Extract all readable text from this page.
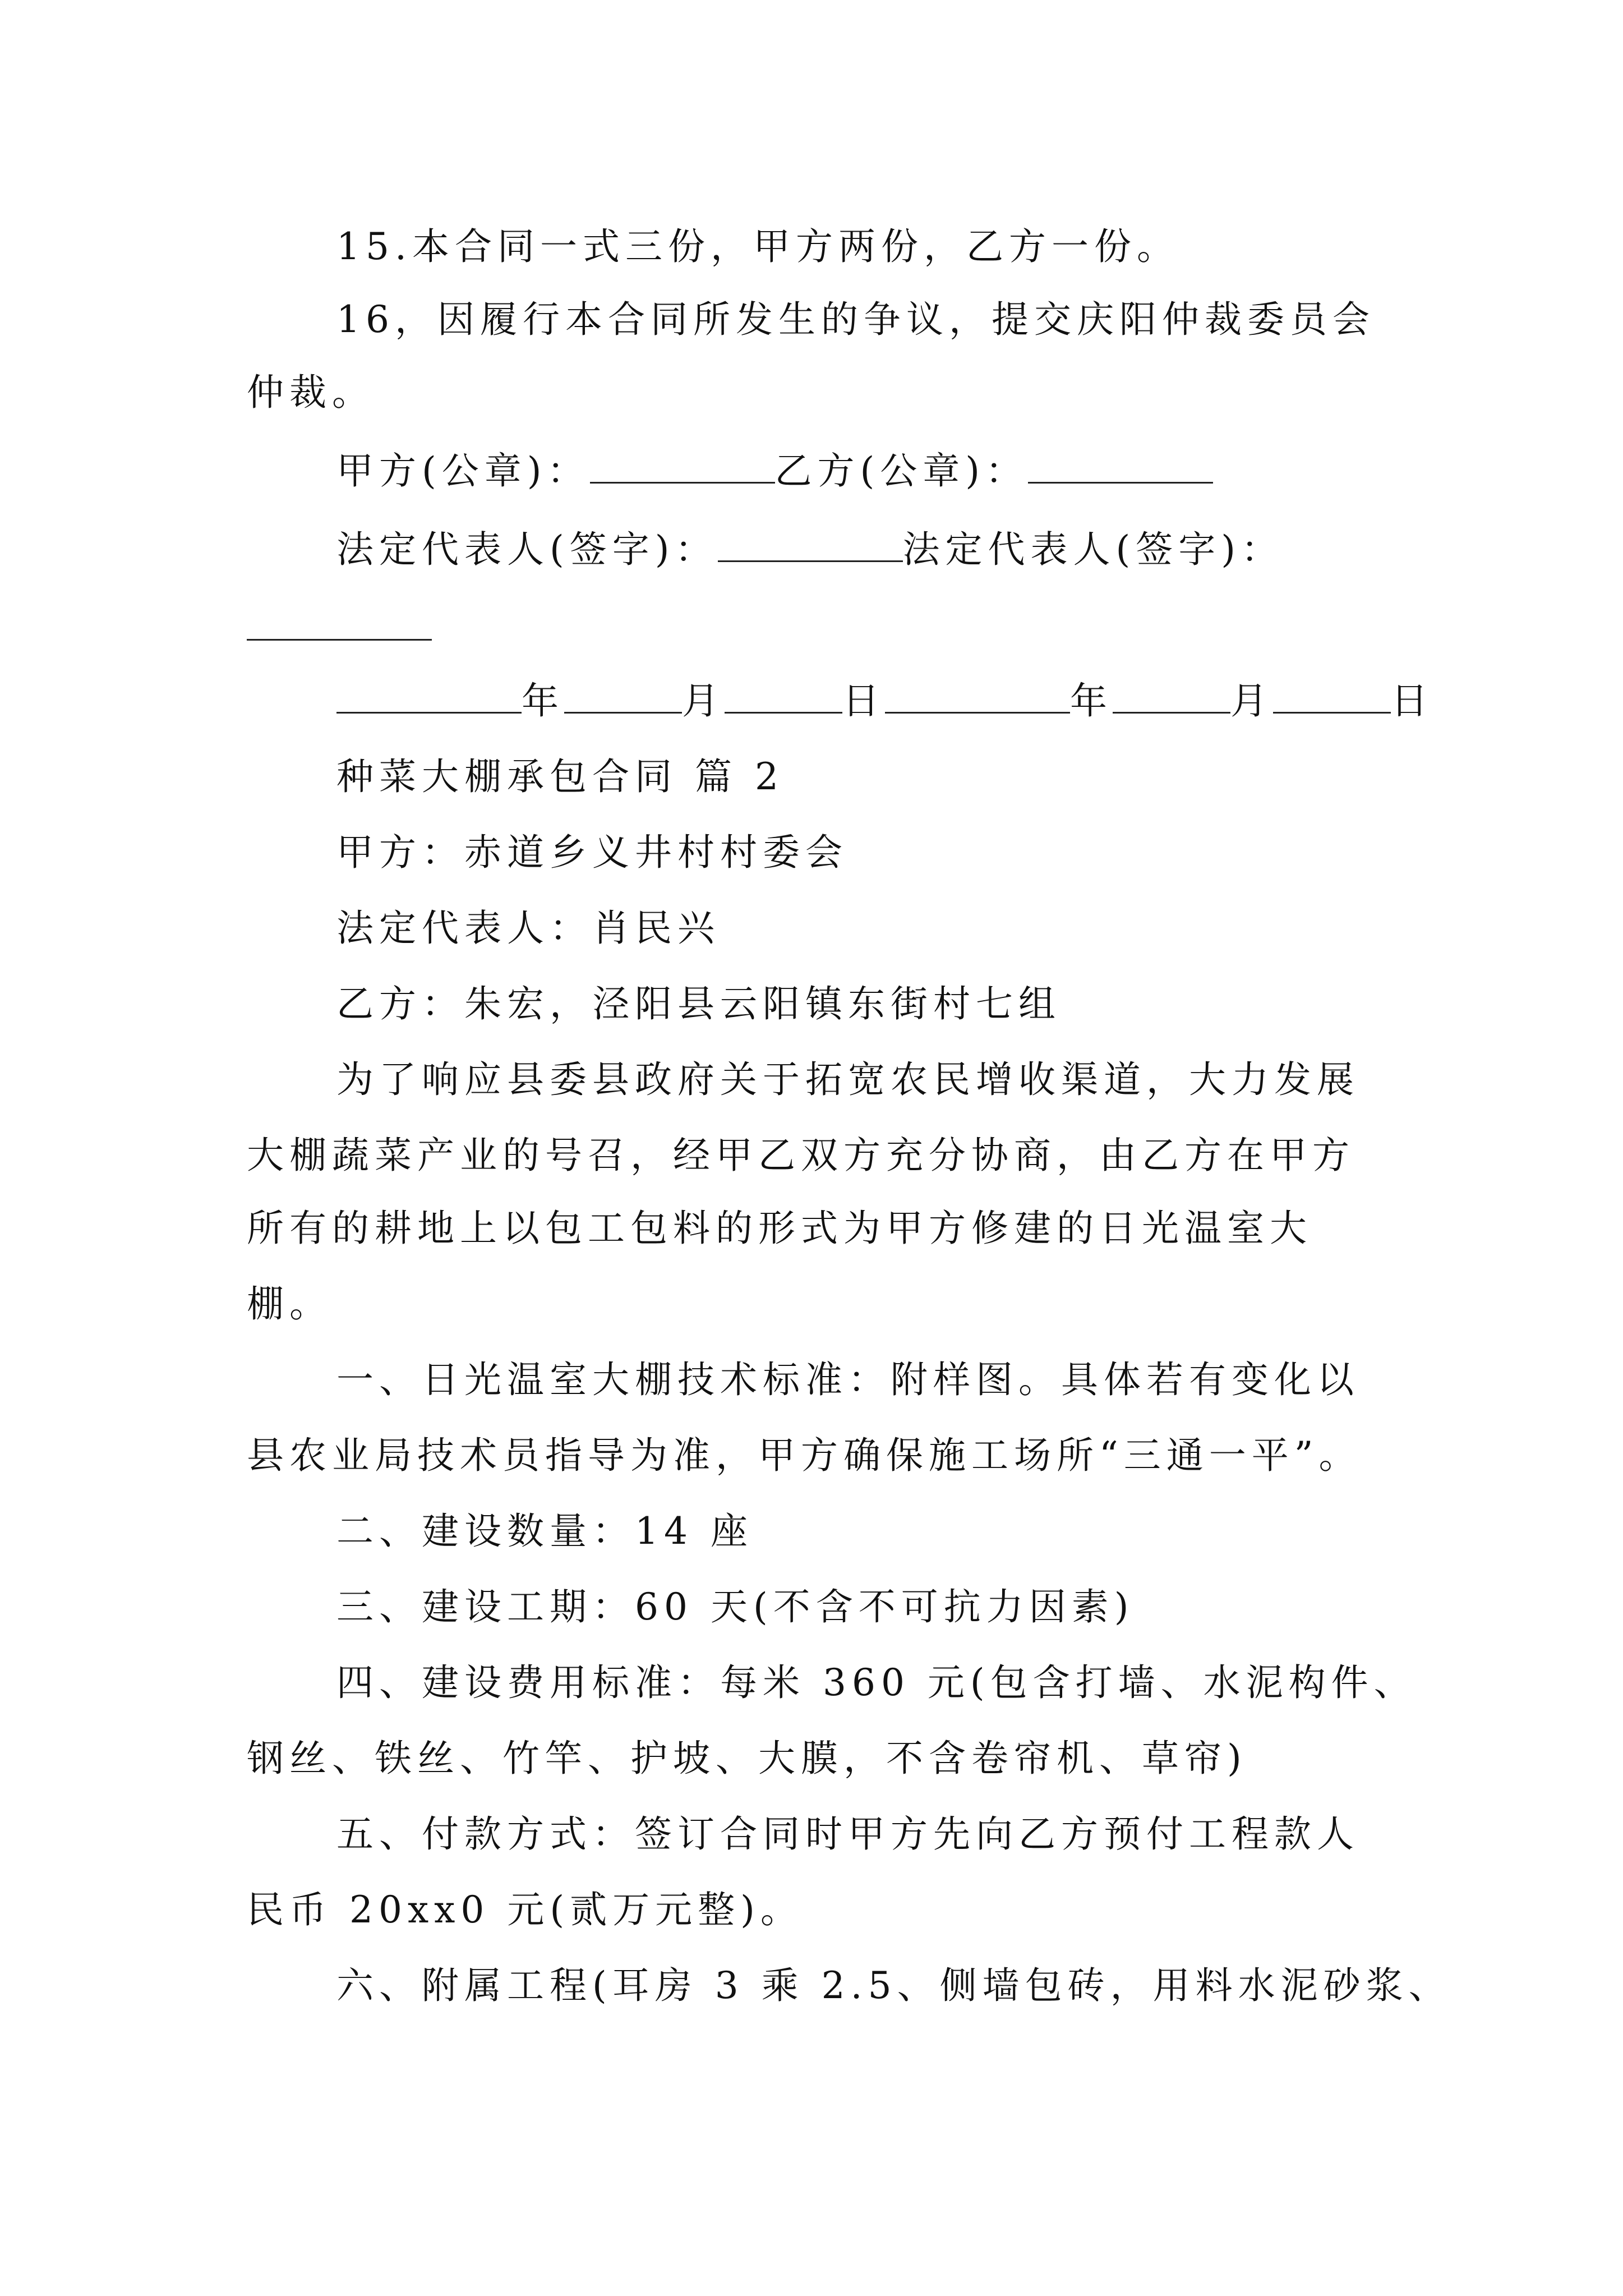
15.本合同一式三份，甲方两份，乙方一份。
16，因履行本合同所发生的争议，提交庆阳仲裁委员会
仲裁。
甲方(公章)：	乙方(公章)：
法定代表人(签字)：	法定代表人(签字)：
年	月	日	年	月	日
种菜大棚承包合同 篇 2
甲方：赤道乡义井村村委会
法定代表人：肖民兴
乙方：朱宏，泾阳县云阳镇东街村七组
为了响应县委县政府关于拓宽农民增收渠道，大力发展
大棚蔬菜产业的号召，经甲乙双方充分协商，由乙方在甲方
所有的耕地上以包工包料的形式为甲方修建的日光温室大
棚。
一、日光温室大棚技术标准：附样图。具体若有变化以
县农业局技术员指导为准，甲方确保施工场所“三通一平”。
二、建设数量：14 座
三、建设工期：60 天(不含不可抗力因素)
四、建设费用标准：每米 360 元(包含打墙、水泥构件、
钢丝、铁丝、竹竿、护坡、大膜，不含卷帘机、草帘)
五、付款方式：签订合同时甲方先向乙方预付工程款人
民币 20xx0 元(贰万元整)。
六、附属工程(耳房 3 乘 2.5、侧墙包砖，用料水泥砂浆、
